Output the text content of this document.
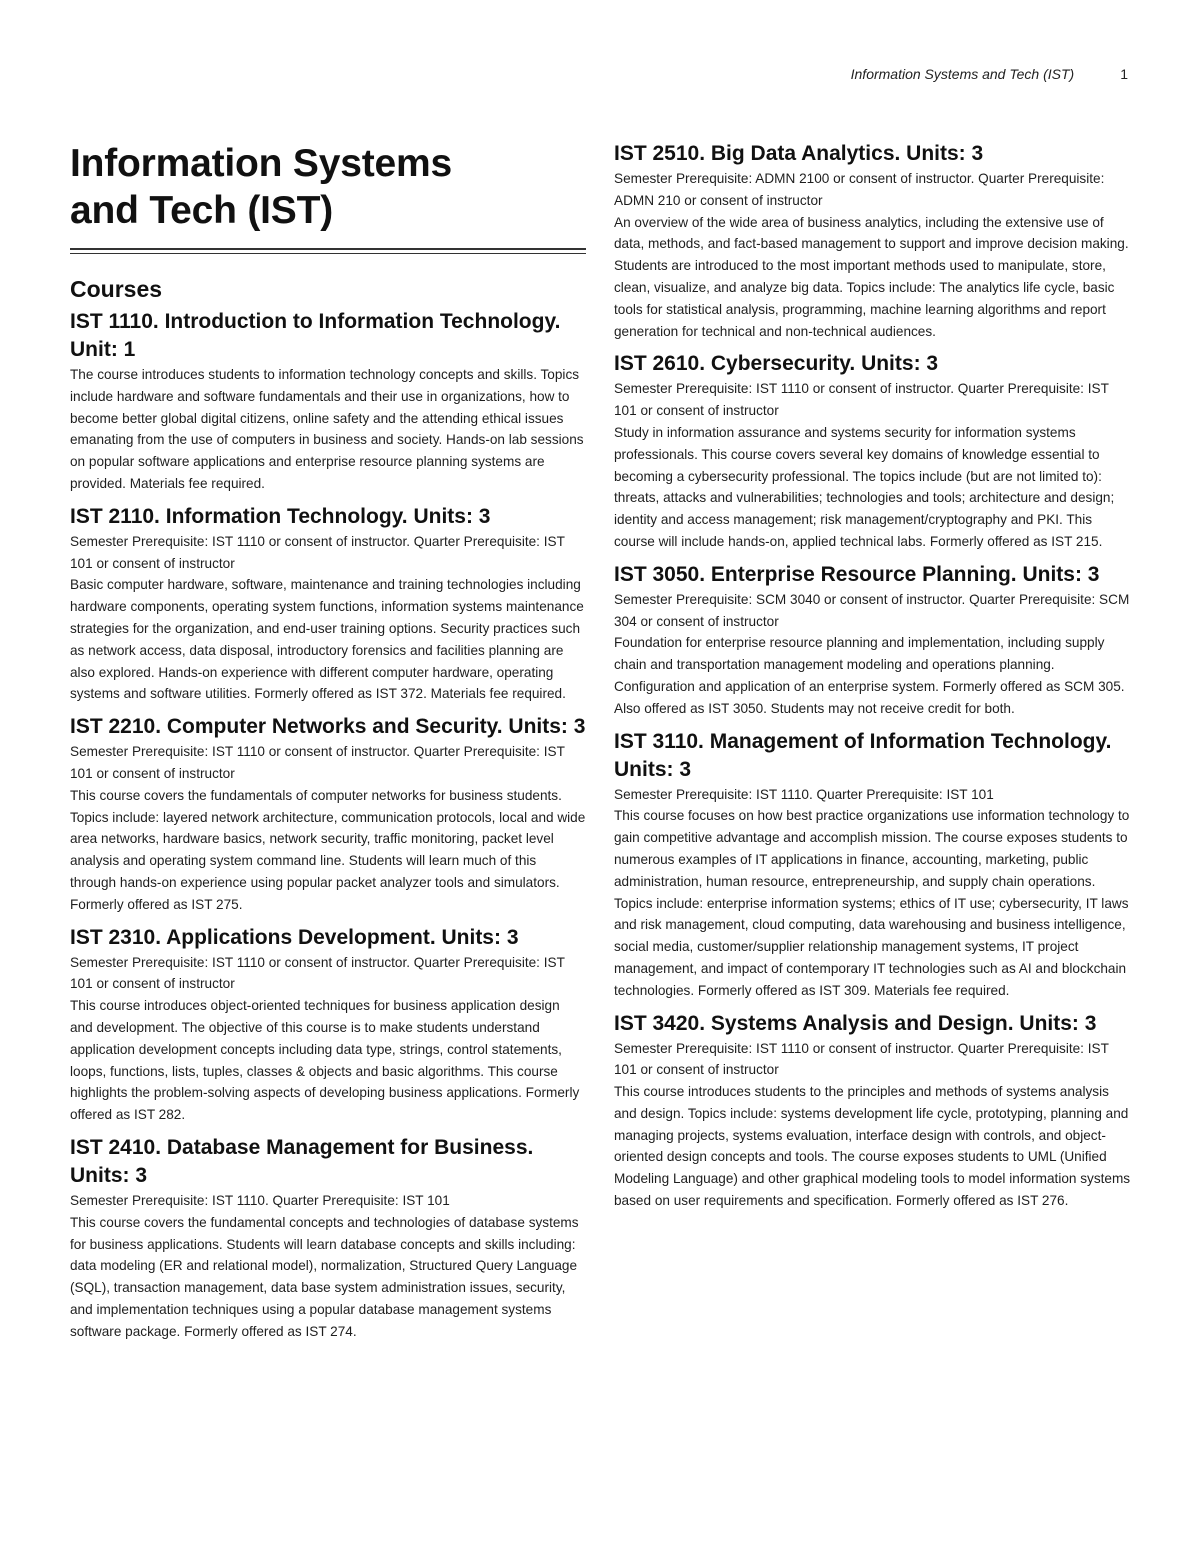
Information Systems and Tech (IST)	1
Information Systems
and Tech (IST)
Courses
IST 1110. Introduction to Information Technology. Unit: 1

The course introduces students to information technology concepts and skills. Topics include hardware and software fundamentals and their use in organizations, how to become better global digital citizens, online safety and the attending ethical issues emanating from the use of computers in business and society. Hands-on lab sessions on popular software applications and enterprise resource planning systems are provided. Materials fee required.

IST 2110. Information Technology. Units: 3

Semester Prerequisite: IST 1110 or consent of instructor. Quarter Prerequisite: IST 101 or consent of instructor

Basic computer hardware, software, maintenance and training technologies including hardware components, operating system functions, information systems maintenance strategies for the organization, and end-user training options. Security practices such as network access, data disposal, introductory forensics and facilities planning are also explored. Hands-on experience with different computer hardware, operating systems and software utilities. Formerly offered as IST 372. Materials fee required.

IST 2210. Computer Networks and Security. Units: 3

Semester Prerequisite: IST 1110 or consent of instructor. Quarter Prerequisite: IST 101 or consent of instructor

This course covers the fundamentals of computer networks for business students. Topics include: layered network architecture, communication protocols, local and wide area networks, hardware basics, network security, traffic monitoring, packet level analysis and operating system command line. Students will learn much of this through hands-on experience using popular packet analyzer tools and simulators. Formerly offered as IST 275.

IST 2310. Applications Development. Units: 3

Semester Prerequisite: IST 1110 or consent of instructor. Quarter Prerequisite: IST 101 or consent of instructor

This course introduces object-oriented techniques for business application design and development. The objective of this course is to make students understand application development concepts including data type, strings, control statements, loops, functions, lists, tuples, classes & objects and basic algorithms. This course highlights the problem-solving aspects of developing business applications. Formerly offered as IST 282.

IST 2410. Database Management for Business. Units: 3

Semester Prerequisite: IST 1110. Quarter Prerequisite: IST 101

This course covers the fundamental concepts and technologies of database systems for business applications. Students will learn database concepts and skills including: data modeling (ER and relational model), normalization, Structured Query Language (SQL), transaction management, data base system administration issues, security, and implementation techniques using a popular database management systems software package. Formerly offered as IST 274.

IST 2510. Big Data Analytics. Units: 3

Semester Prerequisite: ADMN 2100 or consent of instructor. Quarter Prerequisite: ADMN 210 or consent of instructor

An overview of the wide area of business analytics, including the extensive use of data, methods, and fact-based management to support and improve decision making. Students are introduced to the most important methods used to manipulate, store, clean, visualize, and analyze big data. Topics include: The analytics life cycle, basic tools for statistical analysis, programming, machine learning algorithms and report generation for technical and non-technical audiences.

IST 2610. Cybersecurity. Units: 3

Semester Prerequisite: IST 1110 or consent of instructor. Quarter Prerequisite: IST 101 or consent of instructor

Study in information assurance and systems security for information systems professionals. This course covers several key domains of knowledge essential to becoming a cybersecurity professional. The topics include (but are not limited to): threats, attacks and vulnerabilities; technologies and tools; architecture and design; identity and access management; risk management/cryptography and PKI. This course will include hands-on, applied technical labs. Formerly offered as IST 215.

IST 3050. Enterprise Resource Planning. Units: 3

Semester Prerequisite: SCM 3040 or consent of instructor. Quarter Prerequisite: SCM 304 or consent of instructor

Foundation for enterprise resource planning and implementation, including supply chain and transportation management modeling and operations planning. Configuration and application of an enterprise system. Formerly offered as SCM 305. Also offered as IST 3050. Students may not receive credit for both.

IST 3110. Management of Information Technology. Units: 3

Semester Prerequisite: IST 1110. Quarter Prerequisite: IST 101

This course focuses on how best practice organizations use information technology to gain competitive advantage and accomplish mission. The course exposes students to numerous examples of IT applications in finance, accounting, marketing, public administration, human resource, entrepreneurship, and supply chain operations. Topics include: enterprise information systems; ethics of IT use; cybersecurity, IT laws and risk management, cloud computing, data warehousing and business intelligence, social media, customer/supplier relationship management systems, IT project management, and impact of contemporary IT technologies such as AI and blockchain technologies. Formerly offered as IST 309. Materials fee required.

IST 3420. Systems Analysis and Design. Units: 3

Semester Prerequisite: IST 1110 or consent of instructor. Quarter Prerequisite: IST 101 or consent of instructor

This course introduces students to the principles and methods of systems analysis and design. Topics include: systems development life cycle, prototyping, planning and managing projects, systems evaluation, interface design with controls, and object-oriented design concepts and tools. The course exposes students to UML (Unified Modeling Language) and other graphical modeling tools to model information systems based on user requirements and specification. Formerly offered as IST 276.
